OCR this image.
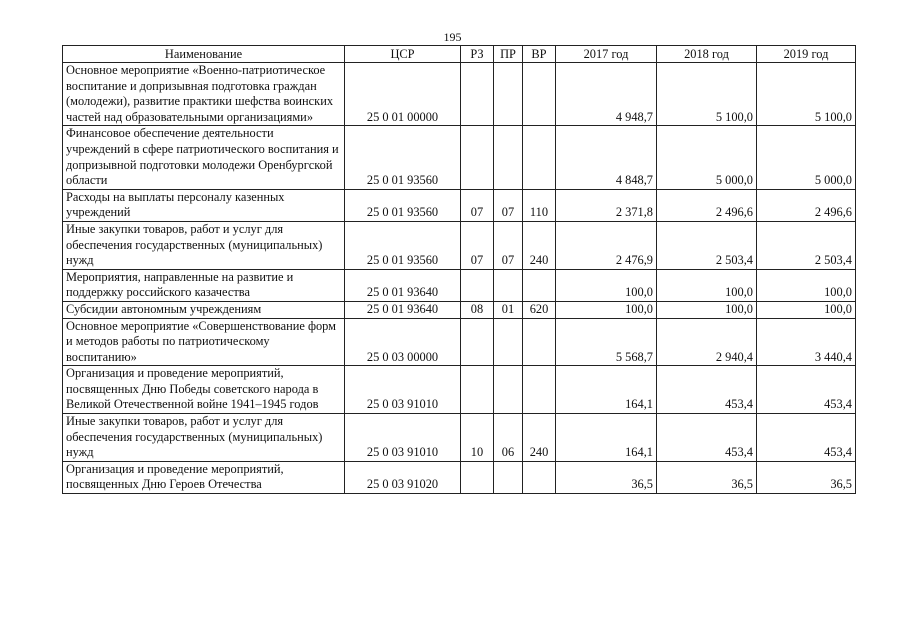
195
Наименование	ЦСР	РЗ	ПР	ВР	2017 год	2018 год	2019 год
Основное мероприятие «Военно-патриотическое воспитание и допризывная подготовка граждан (молодежи), развитие практики шефства воинских частей над образовательными организациями»	25 0 01 00000				4 948,7	5 100,0	5 100,0
Финансовое обеспечение деятельности учреждений в сфере патриотического воспитания и допризывной подготовки молодежи Оренбургской области	25 0 01 93560				4 848,7	5 000,0	5 000,0
Расходы на выплаты персоналу казенных учреждений	25 0 01 93560	07	07	110	2 371,8	2 496,6	2 496,6
Иные закупки товаров, работ и услуг для обеспечения государственных (муниципальных) нужд	25 0 01 93560	07	07	240	2 476,9	2 503,4	2 503,4
Мероприятия, направленные на развитие и поддержку российского казачества	25 0 01 93640				100,0	100,0	100,0
Субсидии автономным учреждениям	25 0 01 93640	08	01	620	100,0	100,0	100,0
Основное мероприятие «Совершенствование форм и методов работы по патриотическому воспитанию»	25 0 03 00000				5 568,7	2 940,4	3 440,4
Организация и проведение мероприятий, посвященных Дню Победы советского народа в Великой Отечественной войне 1941–1945 годов	25 0 03 91010				164,1	453,4	453,4
Иные закупки товаров, работ и услуг для обеспечения государственных (муниципальных) нужд	25 0 03 91010	10	06	240	164,1	453,4	453,4
Организация и проведение мероприятий, посвященных Дню Героев Отечества	25 0 03 91020				36,5	36,5	36,5
